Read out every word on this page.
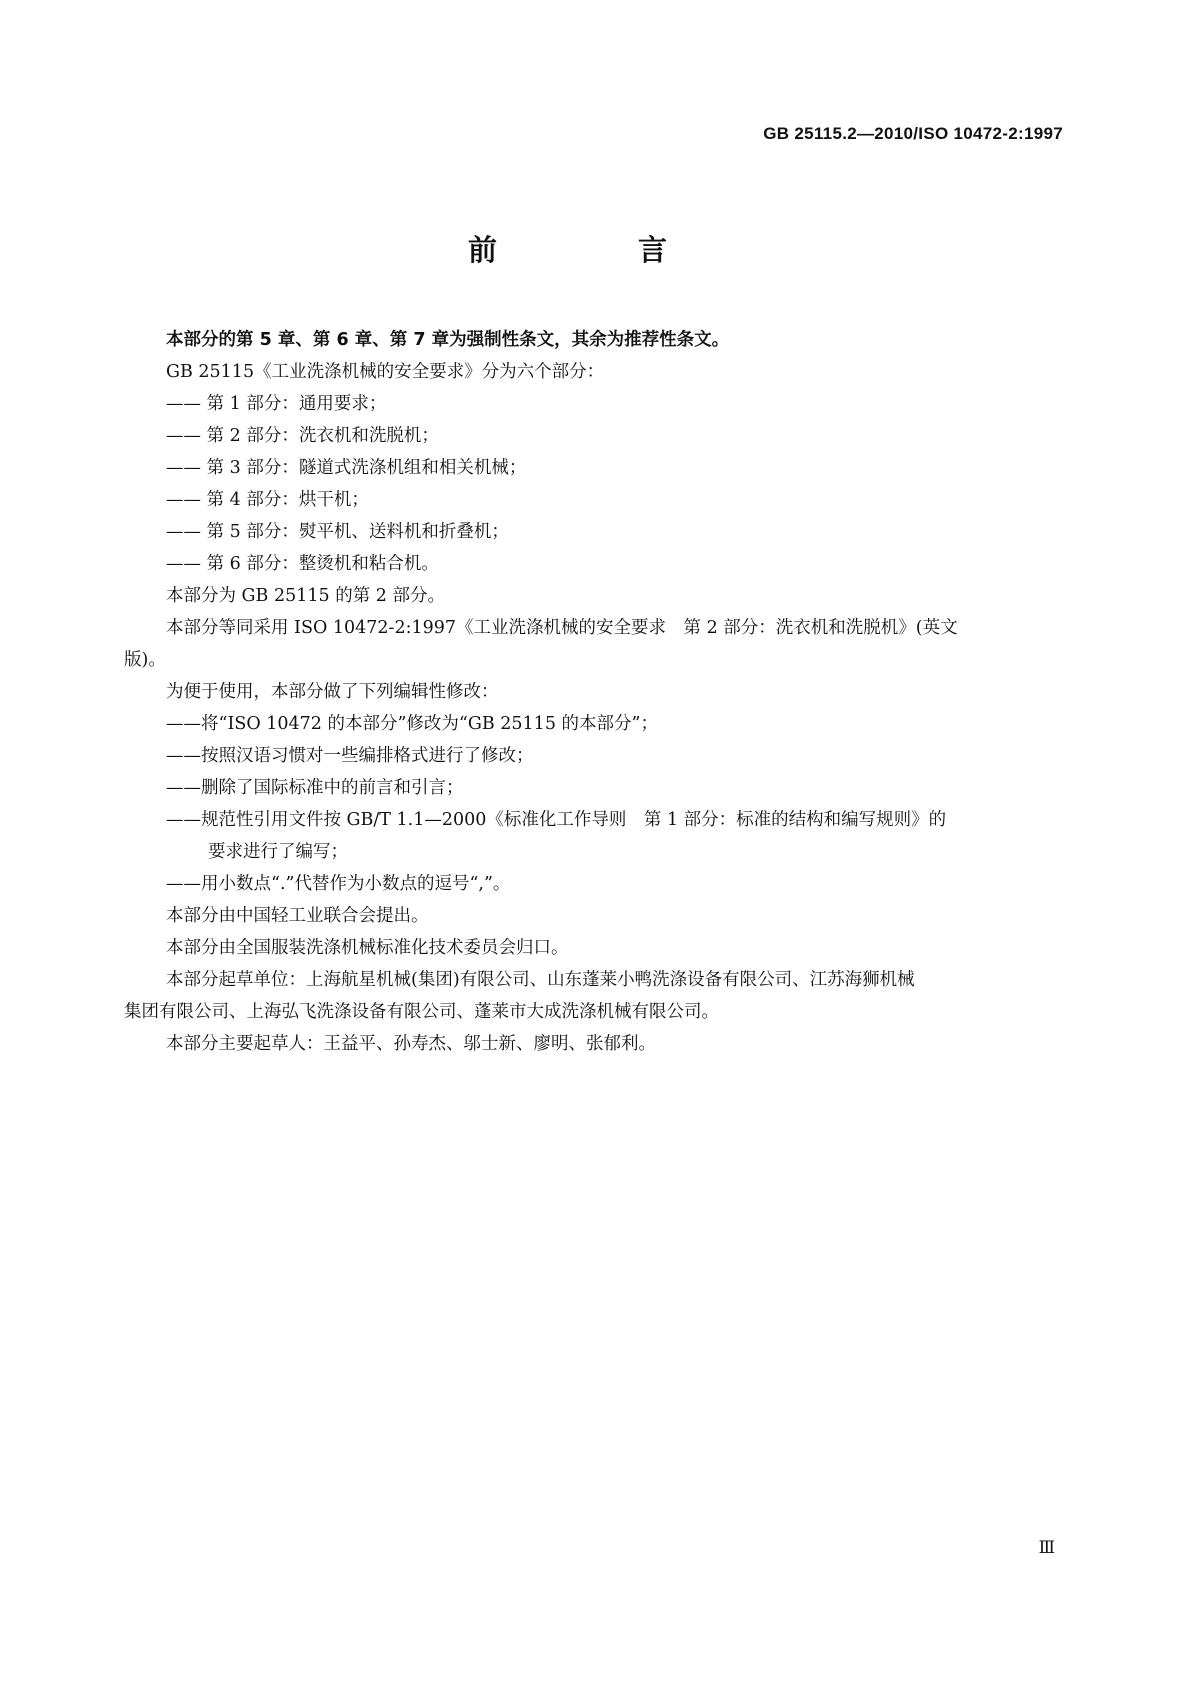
GB 25115.2—2010/ISO 10472-2:1997
前　言
本部分的第 5 章、第 6 章、第 7 章为强制性条文，其余为推荐性条文。
GB 25115《工业洗涤机械的安全要求》分为六个部分：
—— 第 1 部分：通用要求；
—— 第 2 部分：洗衣机和洗脱机；
—— 第 3 部分：隧道式洗涤机组和相关机械；
—— 第 4 部分：烘干机；
—— 第 5 部分：熨平机、送料机和折叠机；
—— 第 6 部分：整烫机和粘合机。
本部分为 GB 25115 的第 2 部分。
本部分等同采用 ISO 10472-2:1997《工业洗涤机械的安全要求　第 2 部分：洗衣机和洗脱机》(英文
版)。
为便于使用，本部分做了下列编辑性修改：
——将“ISO 10472 的本部分”修改为“GB 25115 的本部分”；
——按照汉语习惯对一些编排格式进行了修改；
——删除了国际标准中的前言和引言；
——规范性引用文件按 GB/T 1.1—2000《标准化工作导则　第 1 部分：标准的结构和编写规则》的
要求进行了编写；
——用小数点“.”代替作为小数点的逗号“,”。
本部分由中国轻工业联合会提出。
本部分由全国服装洗涤机械标准化技术委员会归口。
本部分起草单位：上海航星机械(集团)有限公司、山东蓬莱小鸭洗涤设备有限公司、江苏海狮机械
集团有限公司、上海弘飞洗涤设备有限公司、蓬莱市大成洗涤机械有限公司。
本部分主要起草人：王益平、孙寿杰、邬士新、廖明、张郁利。
Ⅲ
